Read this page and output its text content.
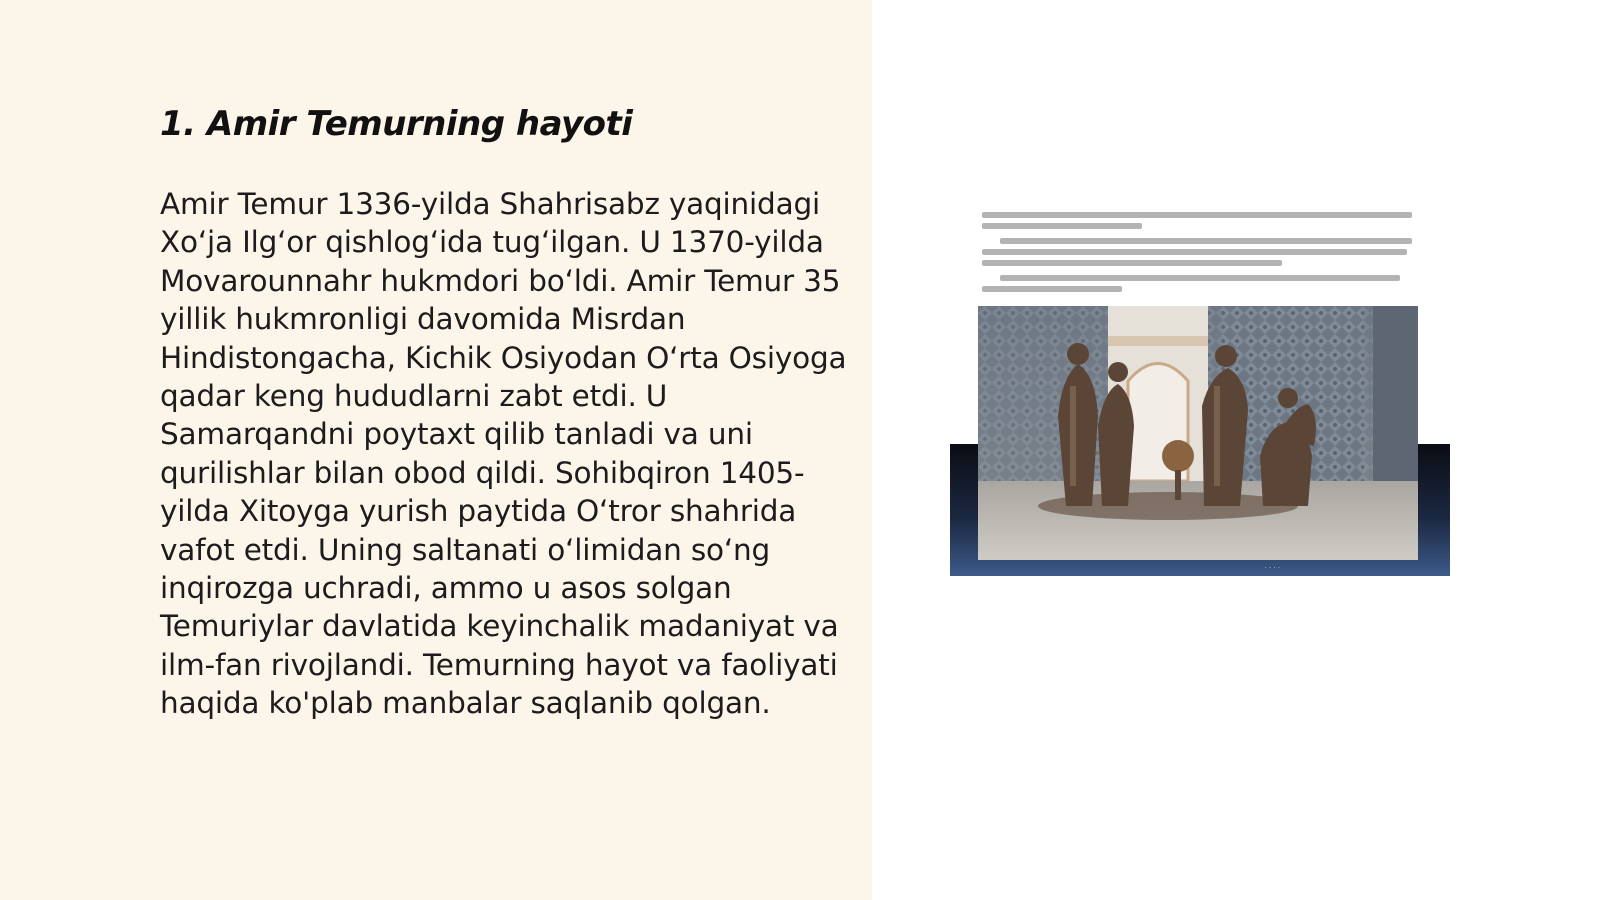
1. Amir Temurning hayoti

Amir Temur 1336-yilda Shahrisabz yaqinidagi Xo‘ja Ilg‘or qishlog‘ida tug‘ilgan. U 1370-yilda Movarounnahr hukmdori bo‘ldi. Amir Temur 35 yillik hukmronligi davomida Misrdan Hindistongacha, Kichik Osiyodan O‘rta Osiyoga qadar keng hududlarni zabt etdi. U Samarqandni poytaxt qilib tanladi va uni qurilishlar bilan obod qildi. Sohibqiron 1405-yilda Xitoyga yurish paytida O‘tror shahrida vafot etdi. Uning saltanati o‘limidan so‘ng inqirozga uchradi, ammo u asos solgan Temuriylar davlatida keyinchalik madaniyat va ilm-fan rivojlandi. Temurning hayot va faoliyati haqida ko'plab manbalar saqlanib qolgan.

· · · ·
